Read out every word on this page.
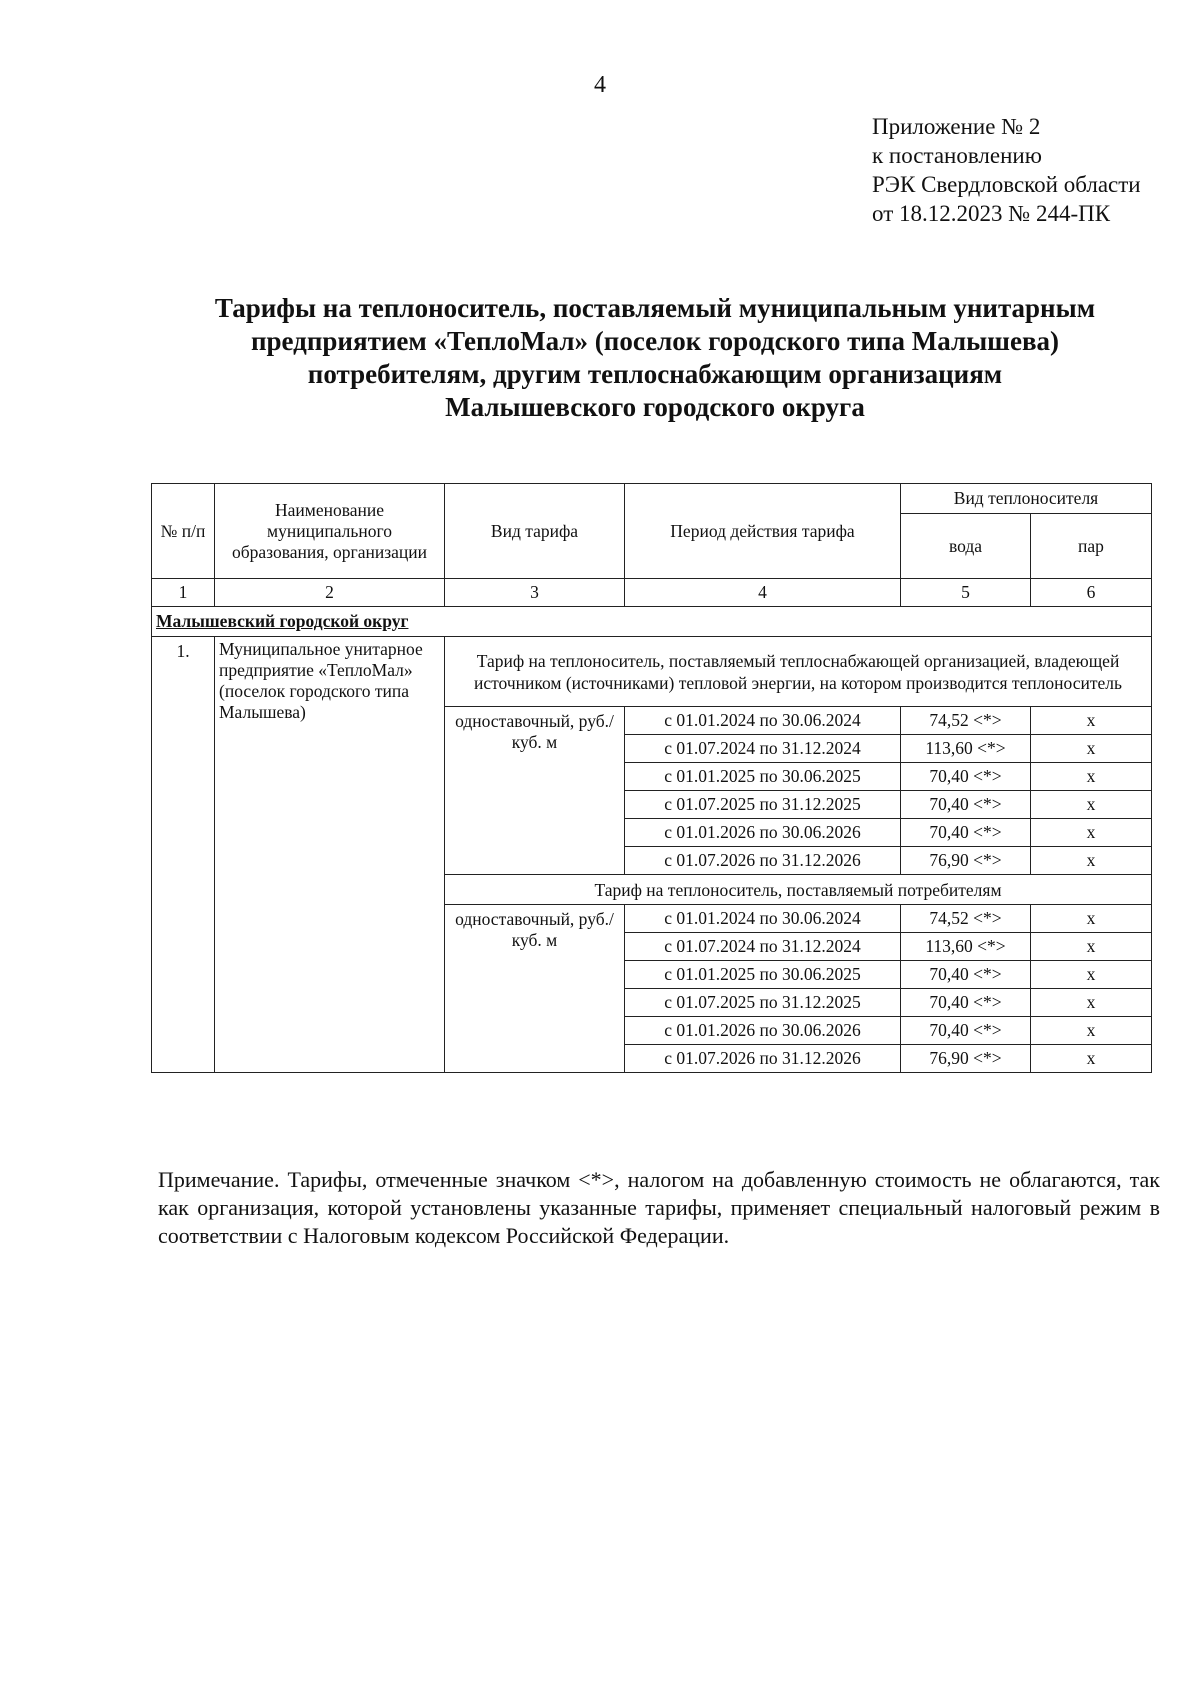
4
Приложение № 2
к постановлению
РЭК Свердловской области
от 18.12.2023 № 244-ПК
Тарифы на теплоноситель, поставляемый муниципальным унитарным
предприятием «ТеплоМал» (поселок городского типа Малышева)
потребителям, другим теплоснабжающим организациям
Малышевского городского округа
№ п/п	Наименование муниципального образования, организации	Вид тарифа	Период действия тарифа	Вид теплоносителя	
				вода	пар
1	2	3	4	5	6
Малышевский городской округ					
1.	Муниципальное унитарное предприятие «ТеплоМал» (поселок городского типа Малышева)	Тариф на теплоноситель, поставляемый теплоснабжающей организацией, владеющей источником (источниками) тепловой энергии, на котором производится теплоноситель			
		одноставочный, руб./куб. м	с 01.01.2024 по 30.06.2024	74,52 <*>	х
			с 01.07.2024 по 31.12.2024	113,60 <*>	х
			с 01.01.2025 по 30.06.2025	70,40 <*>	х
			с 01.07.2025 по 31.12.2025	70,40 <*>	х
			с 01.01.2026 по 30.06.2026	70,40 <*>	х
			с 01.07.2026 по 31.12.2026	76,90 <*>	х
		Тариф на теплоноситель, поставляемый потребителям			
		одноставочный, руб./куб. м	с 01.01.2024 по 30.06.2024	74,52 <*>	х
			с 01.07.2024 по 31.12.2024	113,60 <*>	х
			с 01.01.2025 по 30.06.2025	70,40 <*>	х
			с 01.07.2025 по 31.12.2025	70,40 <*>	х
			с 01.01.2026 по 30.06.2026	70,40 <*>	х
			с 01.07.2026 по 31.12.2026	76,90 <*>	х
Примечание. Тарифы, отмеченные значком <*>, налогом на добавленную стоимость не облагаются, так как организация, которой установлены указанные тарифы, применяет специальный налоговый режим в соответствии с Налоговым кодексом Российской Федерации.
